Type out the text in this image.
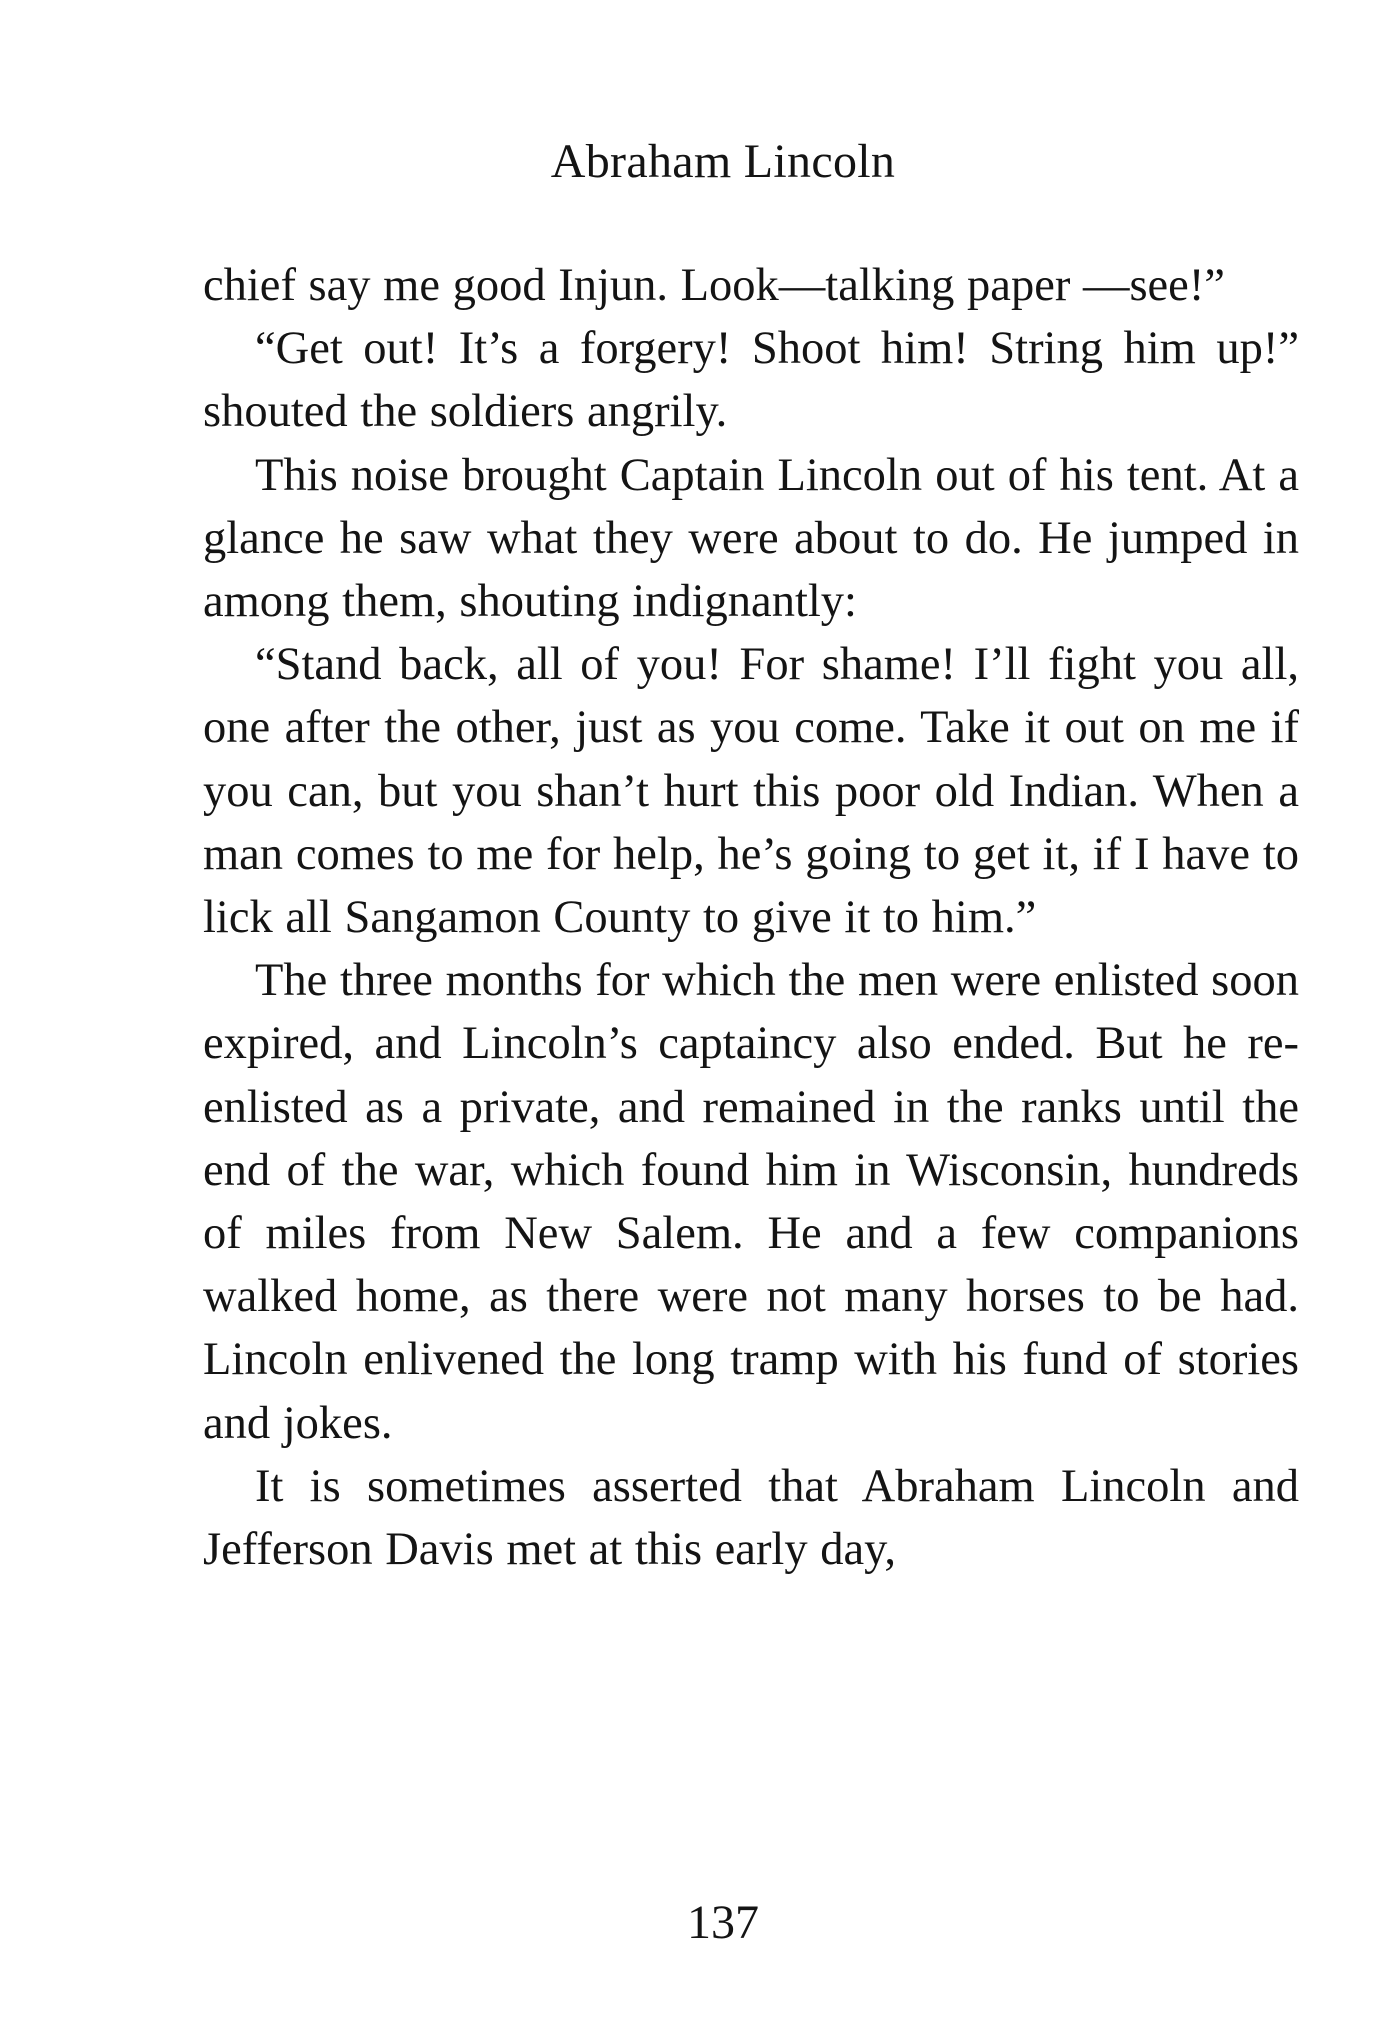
Abraham Lincoln

chief say me good Injun. Look—talking paper —see!”

“Get out! It’s a forgery! Shoot him! String him up!” shouted the soldiers angrily.

This noise brought Captain Lincoln out of his tent. At a glance he saw what they were about to do. He jumped in among them, shouting indignantly:

“Stand back, all of you! For shame! I’ll fight you all, one after the other, just as you come. Take it out on me if you can, but you shan’t hurt this poor old Indian. When a man comes to me for help, he’s going to get it, if I have to lick all Sangamon County to give it to him.”

The three months for which the men were enlisted soon expired, and Lincoln’s captaincy also ended. But he re-enlisted as a private, and remained in the ranks until the end of the war, which found him in Wisconsin, hundreds of miles from New Salem. He and a few companions walked home, as there were not many horses to be had. Lincoln enlivened the long tramp with his fund of stories and jokes.

It is sometimes asserted that Abraham Lincoln and Jefferson Davis met at this early day,

137
